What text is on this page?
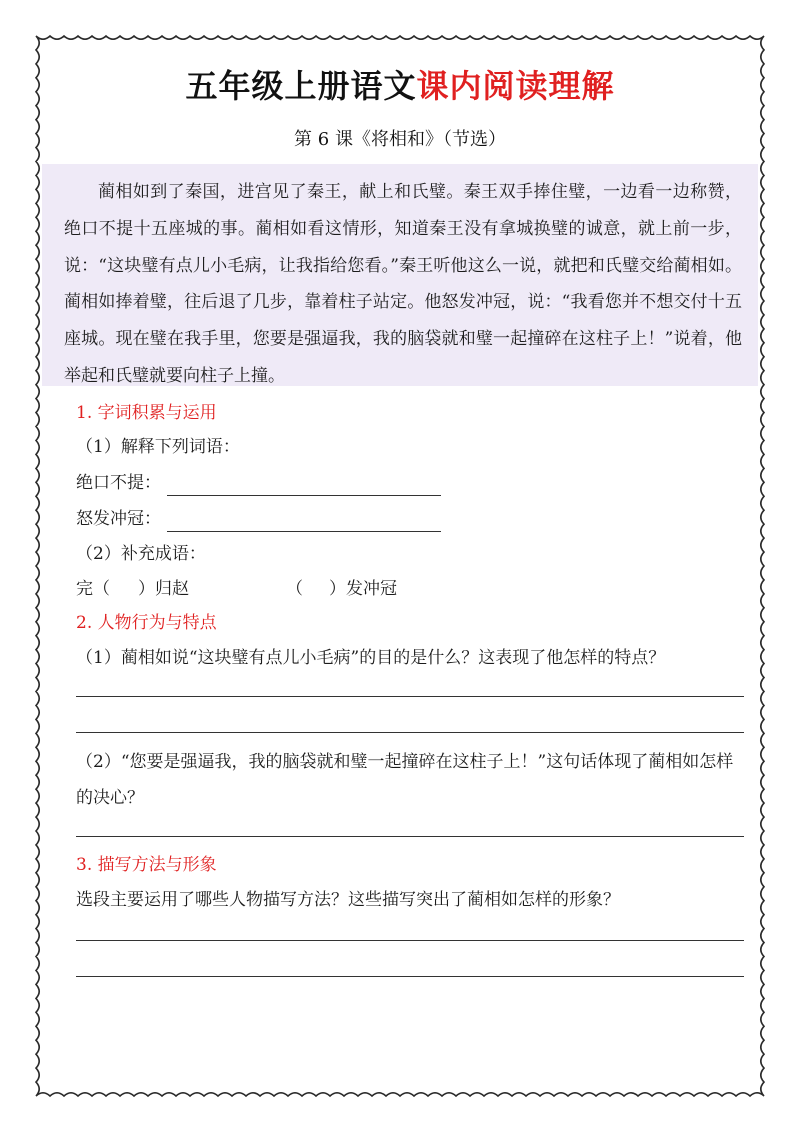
五年级上册语文课内阅读理解
第 6 课《将相和》（节选）
蔺相如到了秦国，进宫见了秦王，献上和氏璧。秦王双手捧住璧，一边看一边称赞，绝口不提十五座城的事。蔺相如看这情形，知道秦王没有拿城换璧的诚意，就上前一步，说：“这块璧有点儿小毛病，让我指给您看。”秦王听他这么一说，就把和氏璧交给蔺相如。蔺相如捧着璧，往后退了几步，靠着柱子站定。他怒发冲冠，说：“我看您并不想交付十五座城。现在璧在我手里，您要是强逼我，我的脑袋就和璧一起撞碎在这柱子上！”说着，他举起和氏璧就要向柱子上撞。
1. 字词积累与运用
（1）解释下列词语：
绝口不提：
怒发冲冠：
（2）补充成语：
完（ ）归赵	（ ）发冲冠
2. 人物行为与特点
（1）蔺相如说“这块璧有点儿小毛病”的目的是什么？这表现了他怎样的特点？
（2）“您要是强逼我，我的脑袋就和璧一起撞碎在这柱子上！”这句话体现了蔺相如怎样的决心？
3. 描写方法与形象
选段主要运用了哪些人物描写方法？这些描写突出了蔺相如怎样的形象？
